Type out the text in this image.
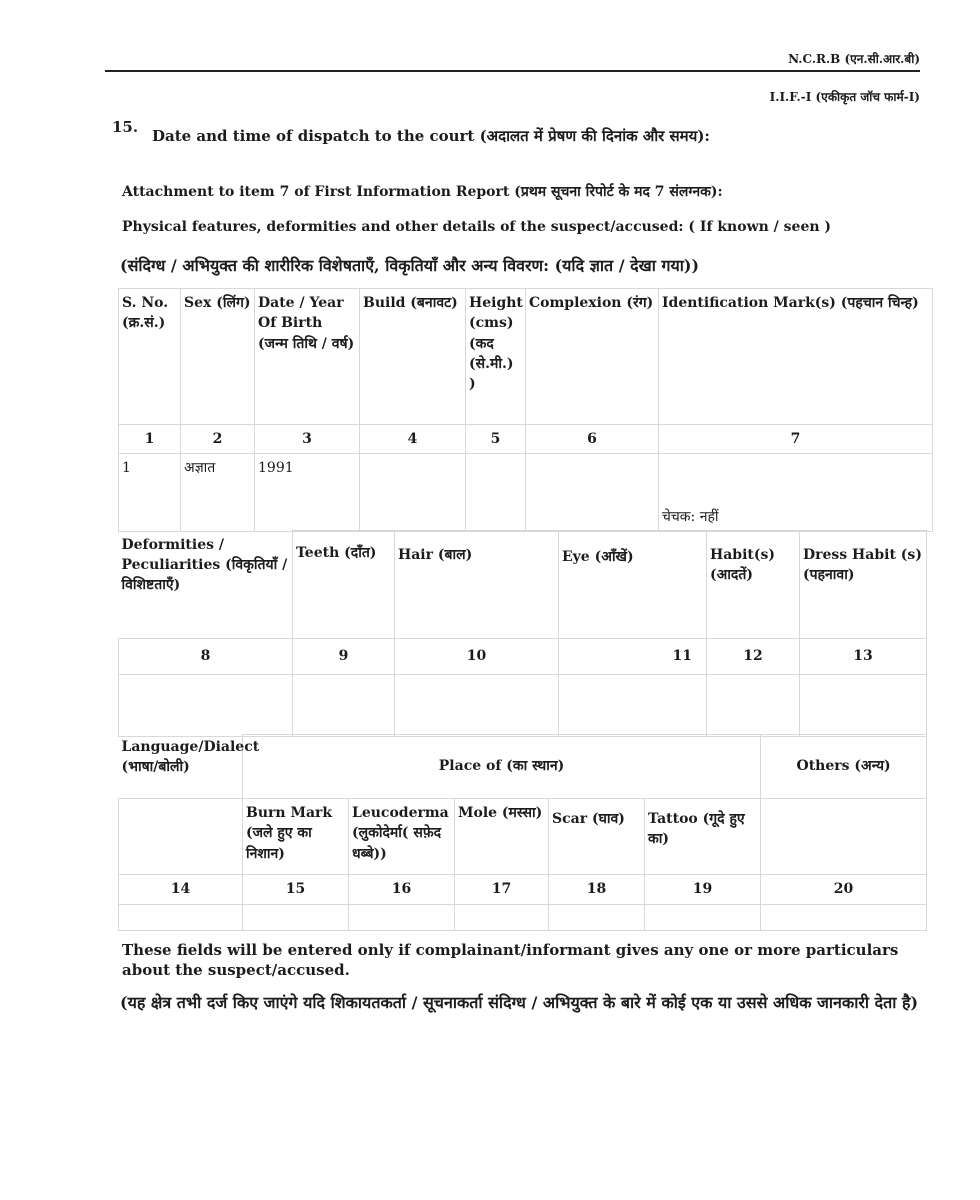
N.C.R.B (एन.सी.आर.बी)
I.I.F.-I (एकीकृत जॉच फार्म-I)
15. Date and time of dispatch to the court (अदालत में प्रेषण की दिनांक और समय):
Attachment to item 7 of First Information Report (प्रथम सूचना रिपोर्ट के मद 7 संलग्नक):
Physical features, deformities and other details of the suspect/accused: ( If known / seen )
(संदिग्ध / अभियुक्त की शारीरिक विशेषताएँ, विकृतियाँ और अन्य विवरण: (यदि ज्ञात / देखा गया))
S. No. (क्र.सं.)	Sex (लिंग)	Date / Year Of Birth (जन्म तिथि / वर्ष)	Build (बनावट)	Height (cms) (कद (से.मी.) )	Complexion (रंग)	Identification Mark(s) (पहचान चिन्ह)
1	2	3	4	5	6	7
1	अज्ञात	1991				चेचक: नहीं
Deformities / Peculiarities (विकृतियाँ / विशिष्टताएँ)	Teeth (दाँत)	Hair (बाल)	Eye (आँखें)	Habit(s) (आदतें)	Dress Habit (s) (पहनावा)
8	9	10	11	12	13

Language/Dialect (भाषा/बोली)	Place of (का स्थान)					Others (अन्य)
	Burn Mark (जले हुए का निशान)	Leucoderma (लुकोदेर्मा( सफ़ेद धब्बे))	Mole (मस्सा)	Scar (घाव)	Tattoo (गूदे हुए का)	
14	15	16	17	18	19	20

These fields will be entered only if complainant/informant gives any one or more particulars about the suspect/accused.
(यह क्षेत्र तभी दर्ज किए जाएंगे यदि शिकायतकर्ता / सूचनाकर्ता संदिग्ध / अभियुक्त के बारे में कोई एक या उससे अधिक जानकारी देता है)
